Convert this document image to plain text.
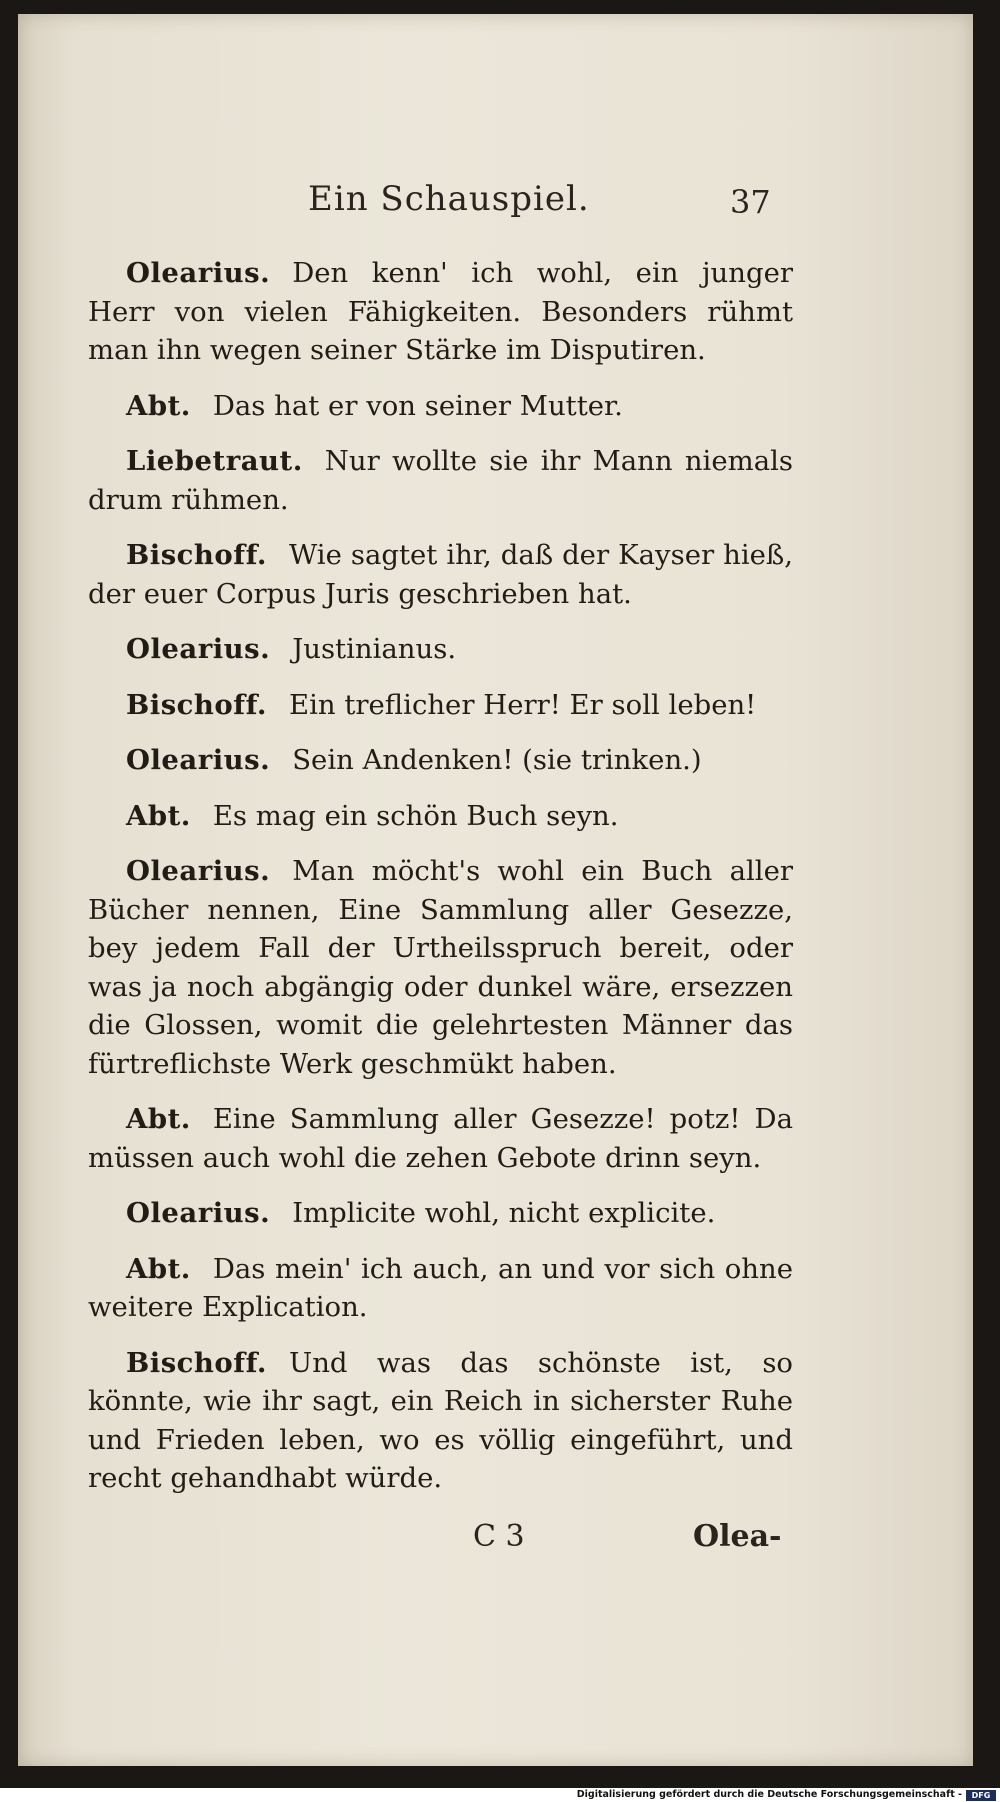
Ein Schauspiel.	37

Olearius. Den kenn' ich wohl, ein junger Herr von vielen Fähigkeiten. Besonders rühmt man ihn wegen seiner Stärke im Disputiren.

Abt. Das hat er von seiner Mutter.

Liebetraut. Nur wollte sie ihr Mann niemals drum rühmen.

Bischoff. Wie sagtet ihr, daß der Kayser hieß, der euer Corpus Juris geschrieben hat.

Olearius. Justinianus.

Bischoff. Ein treflicher Herr! Er soll leben!

Olearius. Sein Andenken! (sie trinken.)

Abt. Es mag ein schön Buch seyn.

Olearius. Man möcht's wohl ein Buch aller Bücher nennen, Eine Sammlung aller Gesezze, bey jedem Fall der Urtheilsspruch bereit, oder was ja noch abgängig oder dunkel wäre, ersezzen die Glossen, womit die gelehrtesten Männer das fürtreflichste Werk geschmükt haben.

Abt. Eine Sammlung aller Gesezze! potz! Da müssen auch wohl die zehen Gebote drinn seyn.

Olearius. Implicite wohl, nicht explicite.

Abt. Das mein' ich auch, an und vor sich ohne weitere Explication.

Bischoff. Und was das schönste ist, so könnte, wie ihr sagt, ein Reich in sicherster Ruhe und Frieden leben, wo es völlig eingeführt, und recht gehandhabt würde.

C 3	Olea-
Digitalisierung gefördert durch die Deutsche Forschungsgemeinschaft -	DFG
